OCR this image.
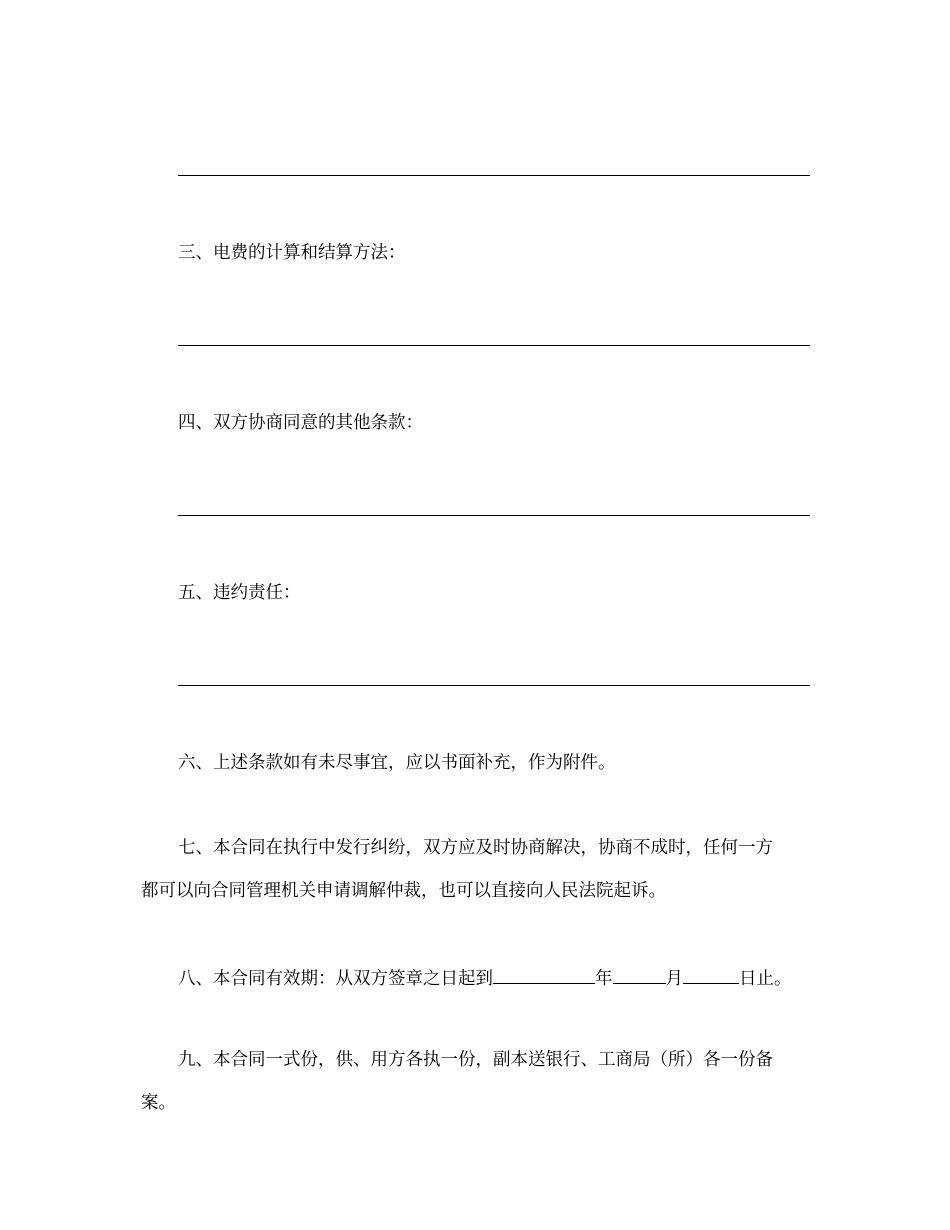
三、电费的计算和结算方法：
四、双方协商同意的其他条款：
五、违约责任：
六、上述条款如有未尽事宜，应以书面补充，作为附件。
七、本合同在执行中发行纠纷，双方应及时协商解决，协商不成时，任何一方
都可以向合同管理机关申请调解仲裁，也可以直接向人民法院起诉。
八、本合同有效期：从双方签章之日起到	年	月	日止。
九、本合同一式份，供、用方各执一份，副本送银行、工商局（所）各一份备
案。
